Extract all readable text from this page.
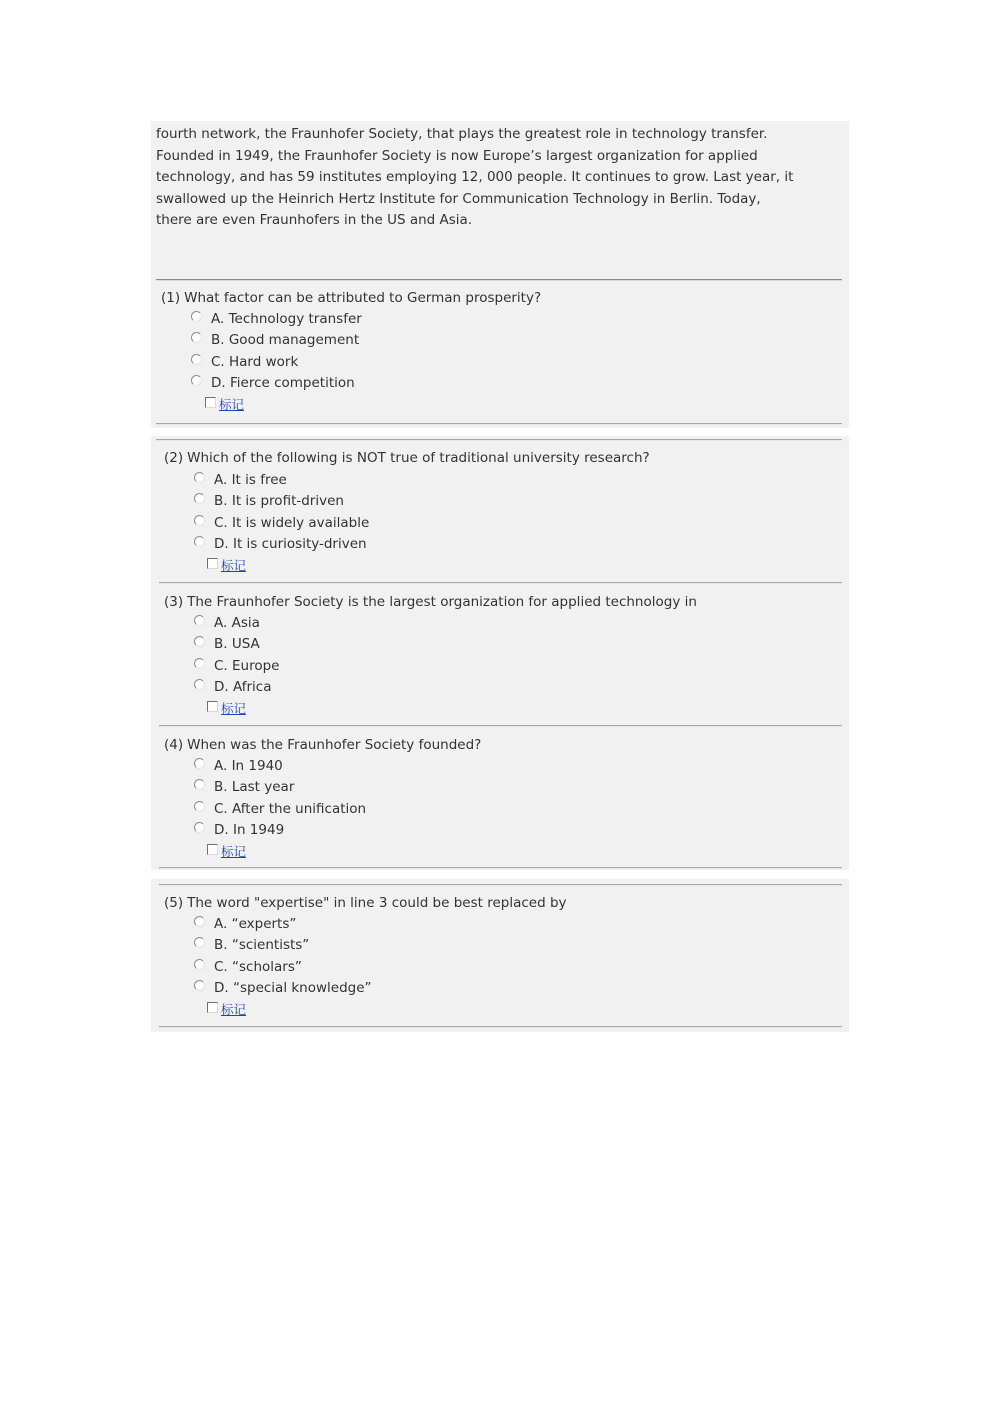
fourth network, the Fraunhofer Society, that plays the greatest role in technology transfer.

Founded in 1949, the Fraunhofer Society is now Europe’s largest organization for applied

technology, and has 59 institutes employing 12, 000 people. It continues to grow. Last year, it

swallowed up the Heinrich Hertz Institute for Communication Technology in Berlin. Today,

there are even Fraunhofers in the US and Asia.

(1) What factor can be attributed to German prosperity?
A. Technology transfer
B. Good management
C. Hard work
D. Fierce competition
标记
(2) Which of the following is NOT true of traditional university research?
A. It is free
B. It is profit-driven
C. It is widely available
D. It is curiosity-driven
标记
(3) The Fraunhofer Society is the largest organization for applied technology in
A. Asia
B. USA
C. Europe
D. Africa
标记
(4) When was the Fraunhofer Society founded?
A. In 1940
B. Last year
C. After the unification
D. In 1949
标记
(5) The word "expertise" in line 3 could be best replaced by
A. “experts”
B. “scientists”
C. “scholars”
D. “special knowledge”
标记
